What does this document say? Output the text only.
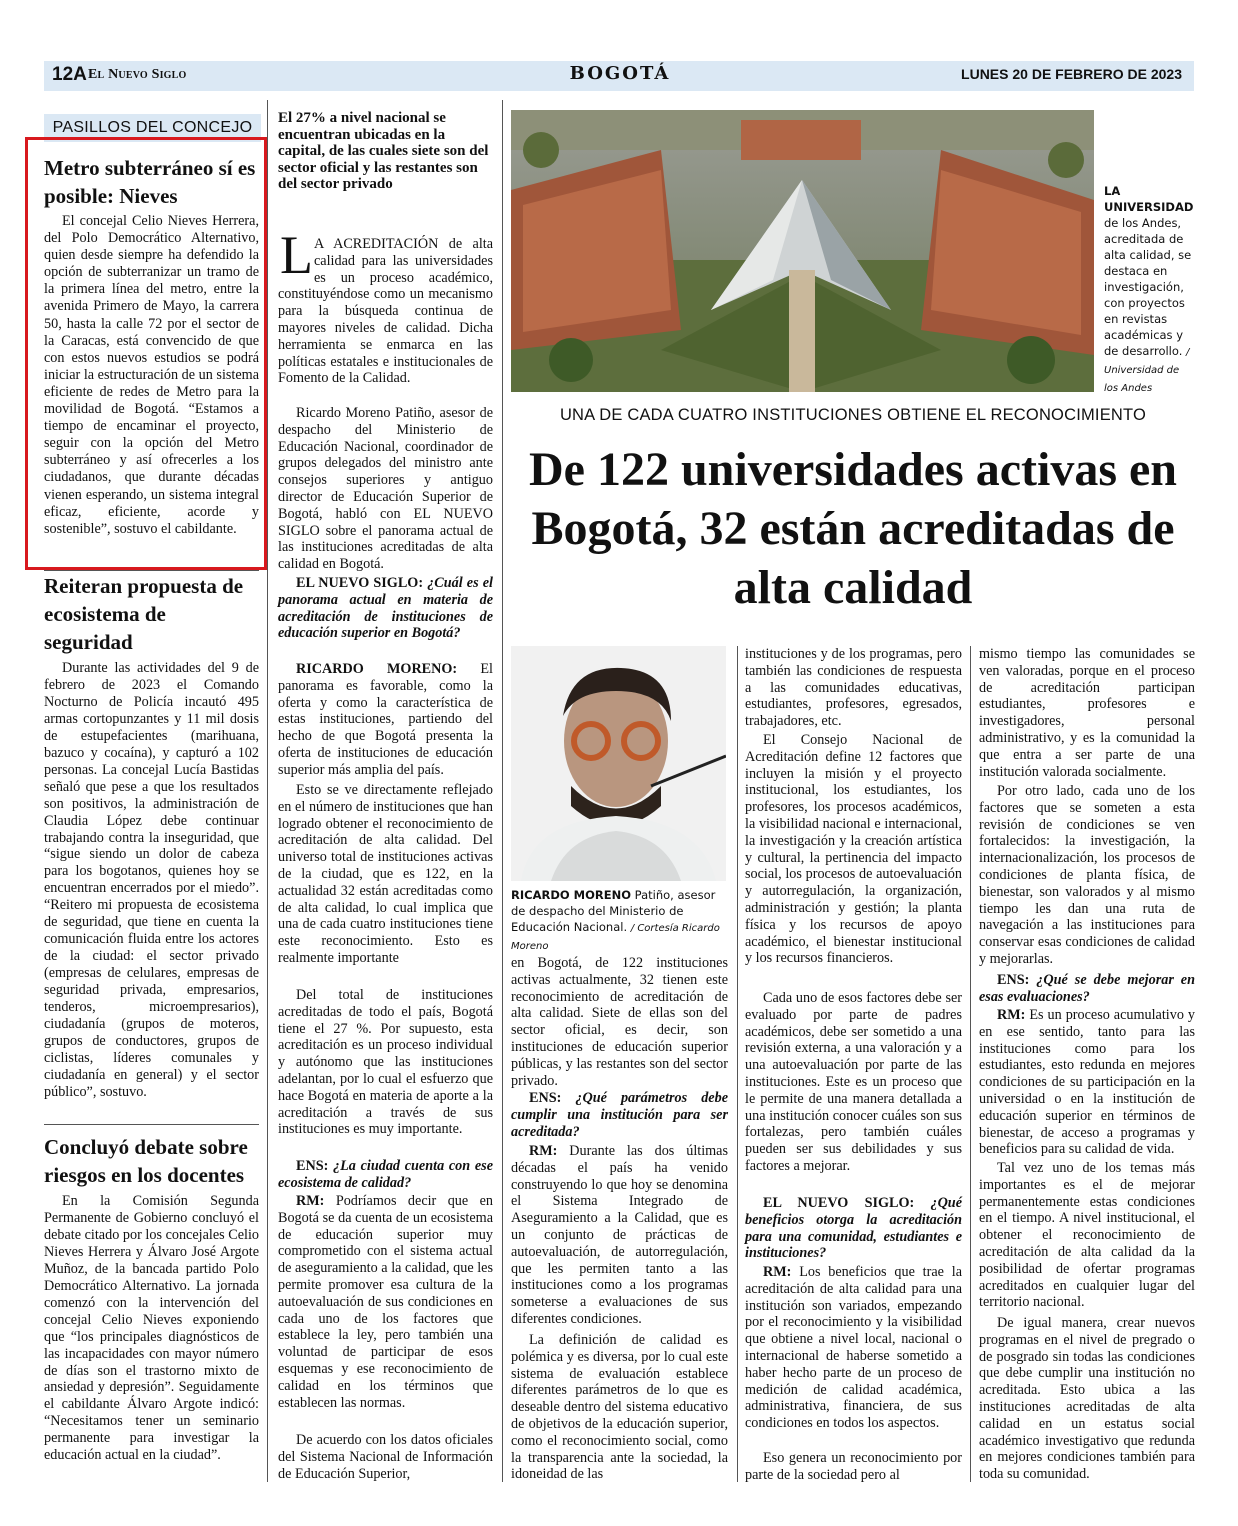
12A El Nuevo Siglo	BOGOTÁ	LUNES 20 DE FEBRERO DE 2023
PASILLOS DEL CONCEJO
Metro subterráneo sí es posible: Nieves

El concejal Celio Nieves Herrera, del Polo Democrático Alternativo, quien desde siempre ha defendido la opción de subterranizar un tramo de la primera línea del metro, entre la avenida Primero de Mayo, la carrera 50, hasta la calle 72 por el sector de la Caracas, está convencido de que con estos nuevos estudios se podrá iniciar la estructuración de un sistema eficiente de redes de Metro para la movilidad de Bogotá. “Estamos a tiempo de encaminar el proyecto, seguir con la opción del Metro subterráneo y así ofrecerles a los ciudadanos, que durante décadas vienen esperando, un sistema integral eficaz, eficiente, acorde y sostenible”, sostuvo el cabildante.

Reiteran propuesta de ecosistema de seguridad

Durante las actividades del 9 de febrero de 2023 el Comando Nocturno de Policía incautó 495 armas cortopunzantes y 11 mil dosis de estupefacientes (marihuana, bazuco y cocaína), y capturó a 102 personas. La concejal Lucía Bastidas señaló que pese a que los resultados son positivos, la administración de Claudia López debe continuar trabajando contra la inseguridad, que “sigue siendo un dolor de cabeza para los bogotanos, quienes hoy se encuentran encerrados por el miedo”. “Reitero mi propuesta de ecosistema de seguridad, que tiene en cuenta la comunicación fluida entre los actores de la ciudad: el sector privado (empresas de celulares, empresas de seguridad privada, empresarios, tenderos, microempresarios), ciudadanía (grupos de moteros, grupos de conductores, grupos de ciclistas, líderes comunales y ciudadanía en general) y el sector público”, sostuvo.

Concluyó debate sobre riesgos en los docentes

En la Comisión Segunda Permanente de Gobierno concluyó el debate citado por los concejales Celio Nieves Herrera y Álvaro José Argote Muñoz, de la bancada partido Polo Democrático Alternativo. La jornada comenzó con la intervención del concejal Celio Nieves exponiendo que “los principales diagnósticos de las incapacidades con mayor número de días son el trastorno mixto de ansiedad y depresión”. Seguidamente el cabildante Álvaro Argote indicó: “Necesitamos tener un seminario permanente para investigar la educación actual en la ciudad”.

LA UNIVERSIDAD de los Andes, acreditada de alta calidad, se destaca en investigación, con proyectos en revistas académicas y de desarrollo. / Universidad de los Andes
UNA DE CADA CUATRO INSTITUCIONES OBTIENE EL RECONOCIMIENTO
De 122 universidades activas en Bogotá, 32 están acreditadas de alta calidad
RICARDO MORENO Patiño, asesor de despacho del Ministerio de Educación Nacional. / Cortesía Ricardo Moreno

El 27% a nivel nacional se encuentran ubicadas en la capital, de las cuales siete son del sector oficial y las restantes son del sector privado

L A ACREDITACIÓN de alta calidad para las universidades es un proceso académico, constituyéndose como un mecanismo para la búsqueda continua de mayores niveles de calidad. Dicha herramienta se enmarca en las políticas estatales e institucionales de Fomento de la Calidad.

Ricardo Moreno Patiño, asesor de despacho del Ministerio de Educación Nacional, coordinador de grupos delegados del ministro ante consejos superiores y antiguo director de Educación Superior de Bogotá, habló con EL NUEVO SIGLO sobre el panorama actual de las instituciones acreditadas de alta calidad en Bogotá.

EL NUEVO SIGLO: ¿Cuál es el panorama actual en materia de acreditación de instituciones de educación superior en Bogotá?

RICARDO MORENO: El panorama es favorable, como la oferta y como la característica de estas instituciones, partiendo del hecho de que Bogotá presenta la oferta de instituciones de educación superior más amplia del país.

Esto se ve directamente reflejado en el número de instituciones que han logrado obtener el reconocimiento de acreditación de alta calidad. Del universo total de instituciones activas de la ciudad, que es 122, en la actualidad 32 están acreditadas como de alta calidad, lo cual implica que una de cada cuatro instituciones tiene este reconocimiento. Esto es realmente importante

Del total de instituciones acreditadas de todo el país, Bogotá tiene el 27 %. Por supuesto, esta acreditación es un proceso individual y autónomo que las instituciones adelantan, por lo cual el esfuerzo que hace Bogotá en materia de aporte a la acreditación a través de sus instituciones es muy importante.

ENS: ¿La ciudad cuenta con ese ecosistema de calidad?

RM: Podríamos decir que en Bogotá se da cuenta de un ecosistema de educación superior muy comprometido con el sistema actual de aseguramiento a la calidad, que les permite promover esa cultura de la autoevaluación de sus condiciones en cada uno de los factores que establece la ley, pero también una voluntad de participar de esos esquemas y ese reconocimiento de calidad en los términos que establecen las normas.

De acuerdo con los datos oficiales del Sistema Nacional de Información de Educación Superior,

en Bogotá, de 122 instituciones activas actualmente, 32 tienen este reconocimiento de acreditación de alta calidad. Siete de ellas son del sector oficial, es decir, son instituciones de educación superior públicas, y las restantes son del sector privado.

ENS: ¿Qué parámetros debe cumplir una institución para ser acreditada?

RM: Durante las dos últimas décadas el país ha venido construyendo lo que hoy se denomina el Sistema Integrado de Aseguramiento a la Calidad, que es un conjunto de prácticas de autoevaluación, de autorregulación, que les permiten tanto a las instituciones como a los programas someterse a evaluaciones de sus diferentes condiciones.

La definición de calidad es polémica y es diversa, por lo cual este sistema de evaluación establece diferentes parámetros de lo que es deseable dentro del sistema educativo de objetivos de la educación superior, como el reconocimiento social, como la transparencia ante la sociedad, la idoneidad de las

instituciones y de los programas, pero también las condiciones de respuesta a las comunidades educativas, estudiantes, profesores, egresados, trabajadores, etc.

El Consejo Nacional de Acreditación define 12 factores que incluyen la misión y el proyecto institucional, los estudiantes, los profesores, los procesos académicos, la visibilidad nacional e internacional, la investigación y la creación artística y cultural, la pertinencia del impacto social, los procesos de autoevaluación y autorregulación, la organización, administración y gestión; la planta física y los recursos de apoyo académico, el bienestar institucional y los recursos financieros.

Cada uno de esos factores debe ser evaluado por parte de padres académicos, debe ser sometido a una revisión externa, a una valoración y a una autoevaluación por parte de las instituciones. Este es un proceso que le permite de una manera detallada a una institución conocer cuáles son sus fortalezas, pero también cuáles pueden ser sus debilidades y sus factores a mejorar.

EL NUEVO SIGLO: ¿Qué beneficios otorga la acreditación para una comunidad, estudiantes e instituciones?

RM: Los beneficios que trae la acreditación de alta calidad para una institución son variados, empezando por el reconocimiento y la visibilidad que obtiene a nivel local, nacional o internacional de haberse sometido a haber hecho parte de un proceso de medición de calidad académica, administrativa, financiera, de sus condiciones en todos los aspectos.

Eso genera un reconocimiento por parte de la sociedad pero al

mismo tiempo las comunidades se ven valoradas, porque en el proceso de acreditación participan estudiantes, profesores e investigadores, personal administrativo, y es la comunidad la que entra a ser parte de una institución valorada socialmente.

Por otro lado, cada uno de los factores que se someten a esta revisión de condiciones se ven fortalecidos: la investigación, la internacionalización, los procesos de condiciones de planta física, de bienestar, son valorados y al mismo tiempo les dan una ruta de navegación a las instituciones para conservar esas condiciones de calidad y mejorarlas.

ENS: ¿Qué se debe mejorar en esas evaluaciones?

RM: Es un proceso acumulativo y en ese sentido, tanto para las instituciones como para los estudiantes, esto redunda en mejores condiciones de su participación en la universidad o en la institución de educación superior en términos de bienestar, de acceso a programas y beneficios para su calidad de vida.

Tal vez uno de los temas más importantes es el de mejorar permanentemente estas condiciones en el tiempo. A nivel institucional, el obtener el reconocimiento de acreditación de alta calidad da la posibilidad de ofertar programas acreditados en cualquier lugar del territorio nacional.

De igual manera, crear nuevos programas en el nivel de pregrado o de posgrado sin todas las condiciones que debe cumplir una institución no acreditada. Esto ubica a las instituciones acreditadas de alta calidad en un estatus social académico investigativo que redunda en mejores condiciones también para toda su comunidad.
